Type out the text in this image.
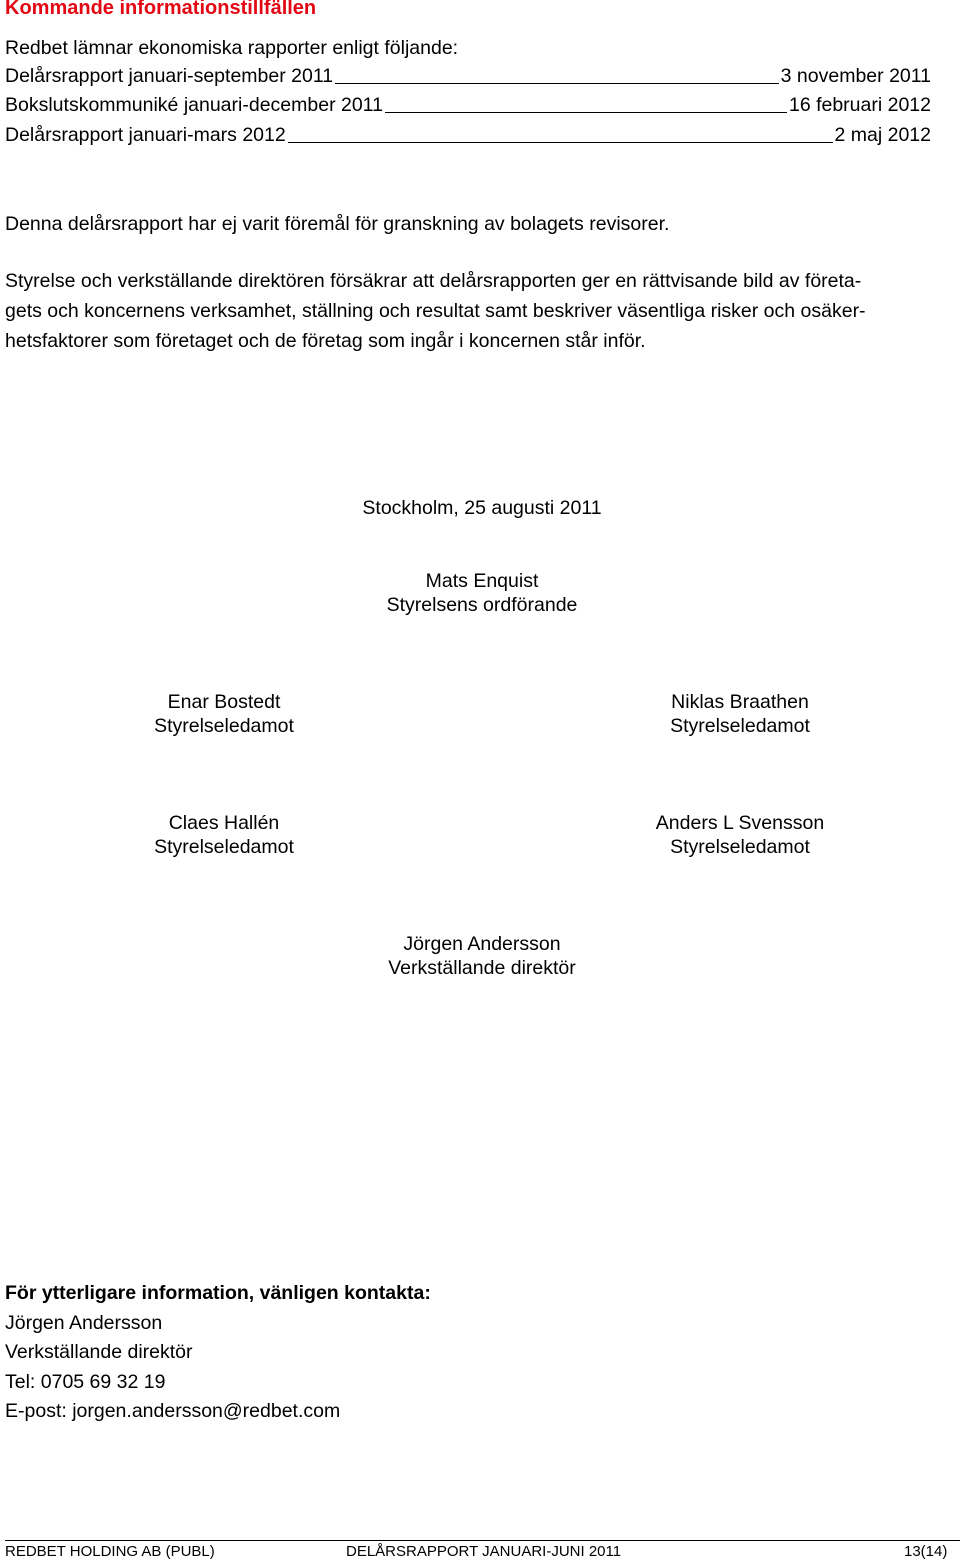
Kommande informationstillfällen
Redbet lämnar ekonomiska rapporter enligt följande:
Delårsrapport januari-september 2011	3 november 2011
Bokslutskommuniké januari-december 2011	16 februari 2012
Delårsrapport januari-mars 2012	2 maj 2012
Denna delårsrapport har ej varit föremål för granskning av bolagets revisorer.
Styrelse och verkställande direktören försäkrar att delårsrapporten ger en rättvisande bild av företa-
gets och koncernens verksamhet, ställning och resultat samt beskriver väsentliga risker och osäker-
hetsfaktorer som företaget och de företag som ingår i koncernen står inför.
Stockholm, 25 augusti 2011
Mats Enquist
Styrelsens ordförande
Enar Bostedt
Styrelseledamot
Niklas Braathen
Styrelseledamot
Claes Hallén
Styrelseledamot
Anders L Svensson
Styrelseledamot
Jörgen Andersson
Verkställande direktör
För ytterligare information, vänligen kontakta:
Jörgen Andersson
Verkställande direktör
Tel: 0705 69 32 19
E-post: jorgen.andersson@redbet.com
REDBET HOLDING AB (PUBL)	DELÅRSRAPPORT JANUARI-JUNI 2011	13(14)
